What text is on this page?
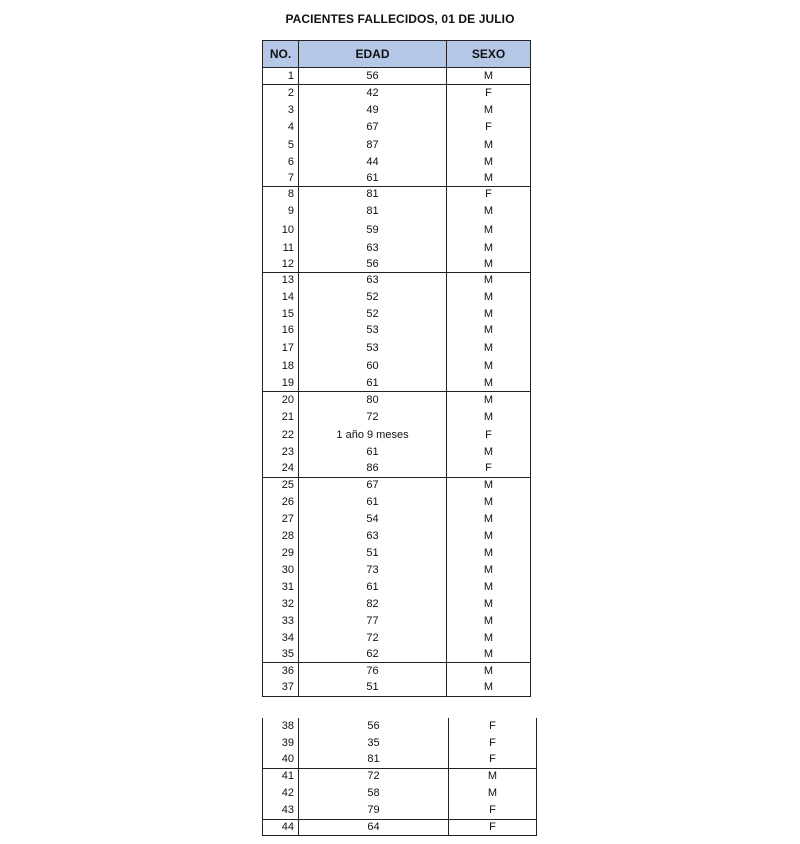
PACIENTES FALLECIDOS, 01 DE JULIO
NO.	EDAD	SEXO
1	56	M
2	42	F
3	49	M
4	67	F
5	87	M
6	44	M
7	61	M
8	81	F
9	81	M
10	59	M
11	63	M
12	56	M
13	63	M
14	52	M
15	52	M
16	53	M
17	53	M
18	60	M
19	61	M
20	80	M
21	72	M
22	1 año 9 meses	F
23	61	M
24	86	F
25	67	M
26	61	M
27	54	M
28	63	M
29	51	M
30	73	M
31	61	M
32	82	M
33	77	M
34	72	M
35	62	M
36	76	M
37	51	M
38	56	F
39	35	F
40	81	F
41	72	M
42	58	M
43	79	F
44	64	F
